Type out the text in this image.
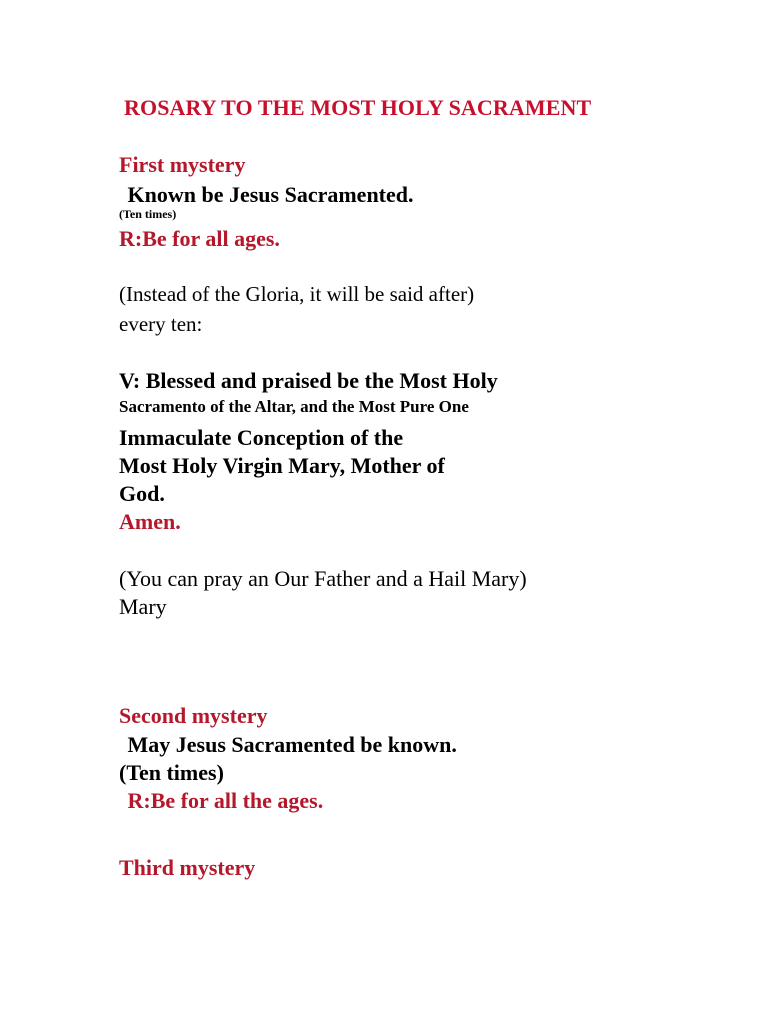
ROSARY TO THE MOST HOLY SACRAMENT
First mystery
Known be Jesus Sacramented.
(Ten times)
R:Be for all ages.
(Instead of the Gloria, it will be said after)
every ten:
V: Blessed and praised be the Most Holy
Sacramento of the Altar, and the Most Pure One
Immaculate Conception of the
Most Holy Virgin Mary, Mother of
God.
Amen.
(You can pray an Our Father and a Hail Mary)
Mary
Second mystery
May Jesus Sacramented be known.
(Ten times)
R:Be for all the ages.
Third mystery
